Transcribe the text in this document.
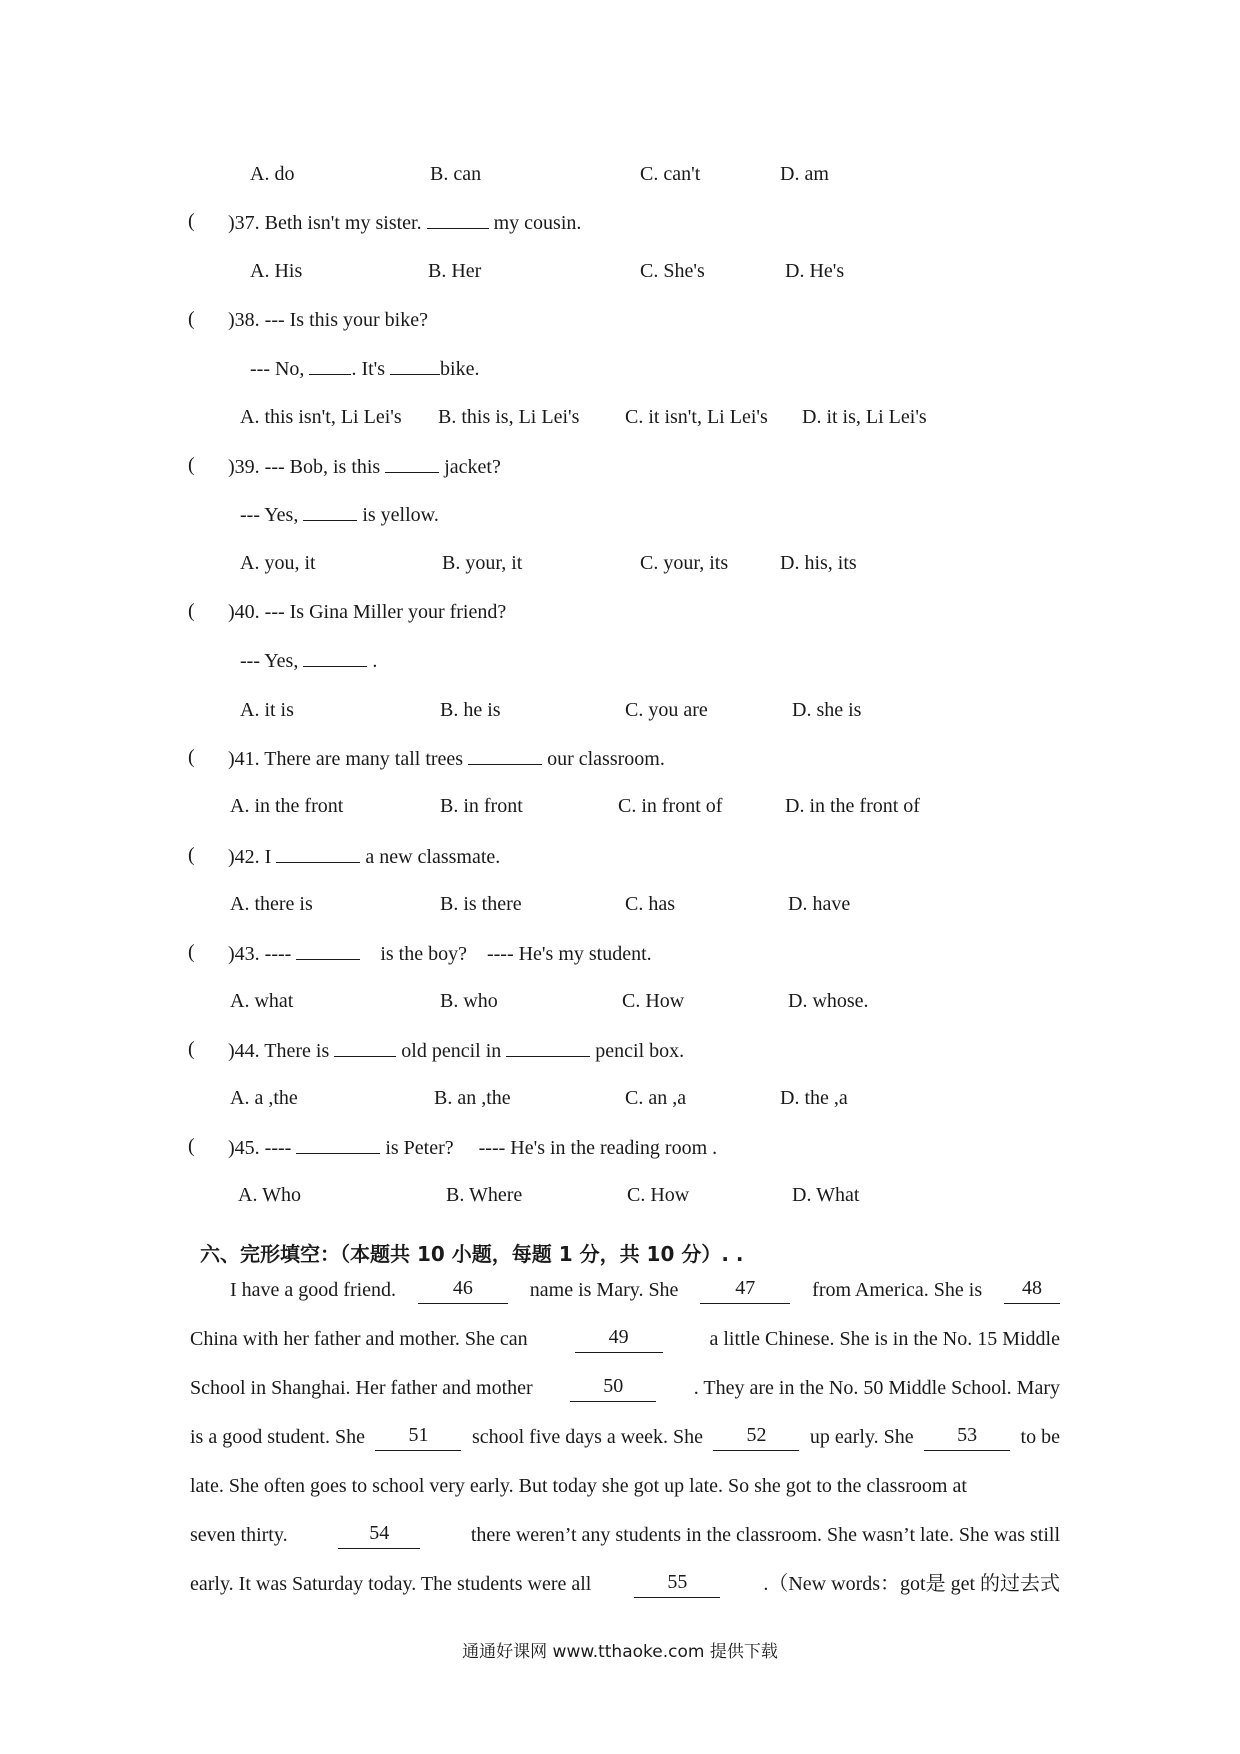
A. do	B. can	C. can't	D. am
( )37. Beth isn't my sister.	my cousin.
A. His	B. Her	C. She's	D. He's
( )38. --- Is this your bike?
--- No, . It's	bike.
A. this isn't, Li Lei's B. this is, Li Lei's C. it isn't, Li Lei's D. it is, Li Lei's
( )39. --- Bob, is this	jacket?
--- Yes,	is yellow.
A. you, it	B. your, it	C. your, its	D. his, its
( )40. --- Is Gina Miller your friend?
--- Yes,	.
A. it is	B. he is	C. you are	D. she is
( )41. There are many tall trees	our classroom.
A. in the front	B. in front	C. in front of	D. in the front of
( )42. I	a new classmate.
A. there is	B. is there	C. has	D. have
( )43. ----	is the boy? ---- He's my student.
A. what	B. who	C. How	D. whose.
( )44. There is	old pencil in	pencil box.
A. a ,the	B. an ,the	C. an ,a	D. the ,a
( )45. ----	is Peter? ---- He's in the reading room .
A. Who	B. Where	C. How	D. What
六、完形填空：（本题共 10 小题，每题 1 分，共 10 分）. .
I have a good friend.	46	name is Mary. She	47	from America. She is	48
China with her father and mother. She can	49	a little Chinese. She is in the No. 15 Middle
School in Shanghai. Her father and mother	50	. They are in the No. 50 Middle School. Mary
is a good student. She	51	school five days a week. She	52	up early. She	53	to be
late. She often goes to school very early. But today she got up late. So she got to the classroom at
seven thirty.	54	there weren’t any students in the classroom. She wasn’t late. She was still
early. It was Saturday today. The students were all	55	.（New words：got是 get 的过去式
通通好课网 www.tthaoke.com 提供下载
